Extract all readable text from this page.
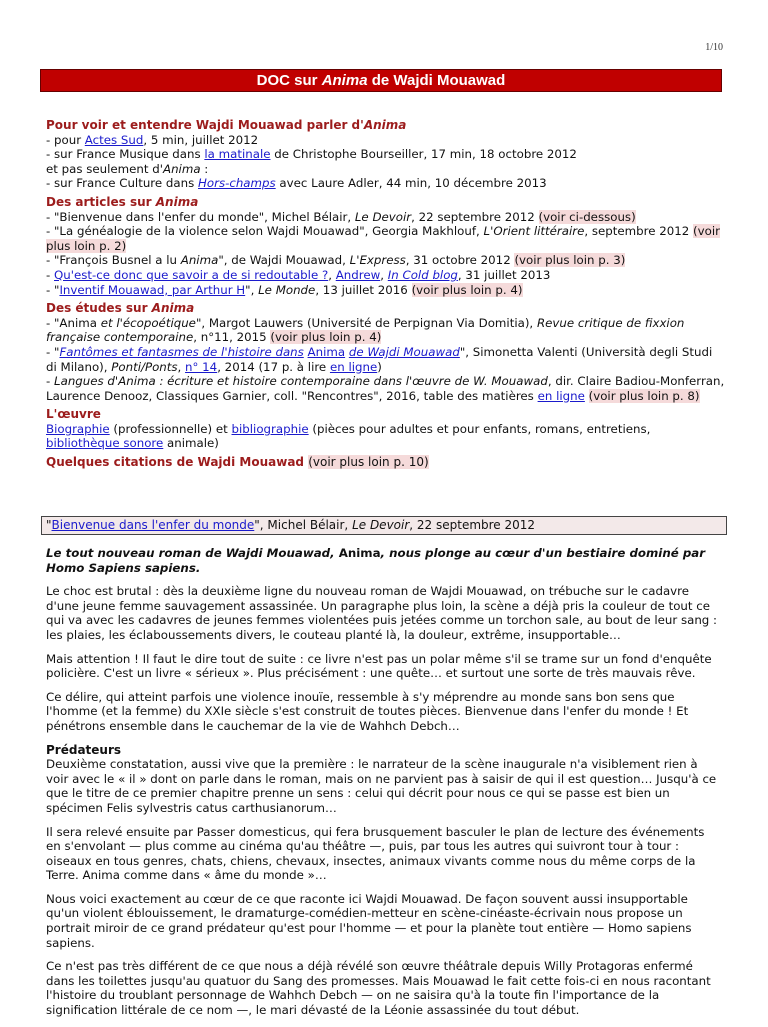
1/10
DOC sur Anima de Wajdi Mouawad
Pour voir et entendre Wajdi Mouawad parler d'Anima
- pour Actes Sud, 5 min, juillet 2012
- sur France Musique dans la matinale de Christophe Bourseiller, 17 min, 18 octobre 2012
et pas seulement d'Anima :
- sur France Culture dans Hors-champs avec Laure Adler, 44 min, 10 décembre 2013
Des articles sur Anima
- "Bienvenue dans l'enfer du monde", Michel Bélair, Le Devoir, 22 septembre 2012 (voir ci-dessous)
- "La généalogie de la violence selon Wajdi Mouawad", Georgia Makhlouf, L'Orient littéraire, septembre 2012 (voir plus loin p. 2)
- "François Busnel a lu Anima", de Wajdi Mouawad, L'Express, 31 octobre 2012 (voir plus loin p. 3)
- Qu'est-ce donc que savoir a de si redoutable ?, Andrew, In Cold blog, 31 juillet 2013
- "Inventif Mouawad, par Arthur H", Le Monde, 13 juillet 2016 (voir plus loin p. 4)
Des études sur Anima
- "Anima et l'écopoétique", Margot Lauwers (Université de Perpignan Via Domitia), Revue critique de fixxion française contemporaine, n°11, 2015 (voir plus loin p. 4)
- "Fantômes et fantasmes de l'histoire dans Anima de Wajdi Mouawad", Simonetta Valenti (Università degli Studi di Milano), Ponti/Ponts, n° 14, 2014 (17 p. à lire en ligne)
- Langues d'Anima : écriture et histoire contemporaine dans l'œuvre de W. Mouawad, dir. Claire Badiou-Monferran, Laurence Denooz, Classiques Garnier, coll. "Rencontres", 2016, table des matières en ligne (voir plus loin p. 8)
L'œuvre
Biographie (professionnelle) et bibliographie (pièces pour adultes et pour enfants, romans, entretiens, bibliothèque sonore animale)
Quelques citations de Wajdi Mouawad (voir plus loin p. 10)
"Bienvenue dans l'enfer du monde", Michel Bélair, Le Devoir, 22 septembre 2012

Le tout nouveau roman de Wajdi Mouawad, Anima, nous plonge au cœur d'un bestiaire dominé par Homo Sapiens sapiens.

Le choc est brutal : dès la deuxième ligne du nouveau roman de Wajdi Mouawad, on trébuche sur le cadavre d'une jeune femme sauvagement assassinée. Un paragraphe plus loin, la scène a déjà pris la couleur de tout ce qui va avec les cadavres de jeunes femmes violentées puis jetées comme un torchon sale, au bout de leur sang : les plaies, les éclaboussements divers, le couteau planté là, la douleur, extrême, insupportable…

Mais attention ! Il faut le dire tout de suite : ce livre n'est pas un polar même s'il se trame sur un fond d'enquête policière. C'est un livre « sérieux ». Plus précisément : une quête… et surtout une sorte de très mauvais rêve.

Ce délire, qui atteint parfois une violence inouïe, ressemble à s'y méprendre au monde sans bon sens que l'homme (et la femme) du XXIe siècle s'est construit de toutes pièces. Bienvenue dans l'enfer du monde ! Et pénétrons ensemble dans le cauchemar de la vie de Wahhch Debch…

Prédateurs

Deuxième constatation, aussi vive que la première : le narrateur de la scène inaugurale n'a visiblement rien à voir avec le « il » dont on parle dans le roman, mais on ne parvient pas à saisir de qui il est question… Jusqu'à ce que le titre de ce premier chapitre prenne un sens : celui qui décrit pour nous ce qui se passe est bien un spécimen Felis sylvestris catus carthusianorum…

Il sera relevé ensuite par Passer domesticus, qui fera brusquement basculer le plan de lecture des événements en s'envolant — plus comme au cinéma qu'au théâtre —, puis, par tous les autres qui suivront tour à tour : oiseaux en tous genres, chats, chiens, chevaux, insectes, animaux vivants comme nous du même corps de la Terre. Anima comme dans « âme du monde »…

Nous voici exactement au cœur de ce que raconte ici Wajdi Mouawad. De façon souvent aussi insupportable qu'un violent éblouissement, le dramaturge-comédien-metteur en scène-cinéaste-écrivain nous propose un portrait miroir de ce grand prédateur qu'est pour l'homme — et pour la planète tout entière — Homo sapiens sapiens.

Ce n'est pas très différent de ce que nous a déjà révélé son œuvre théâtrale depuis Willy Protagoras enfermé dans les toilettes jusqu'au quatuor du Sang des promesses. Mais Mouawad le fait cette fois-ci en nous racontant l'histoire du troublant personnage de Wahhch Debch — on ne saisira qu'à la toute fin l'importance de la signification littérale de ce nom —, le mari dévasté de la Léonie assassinée du tout début.
